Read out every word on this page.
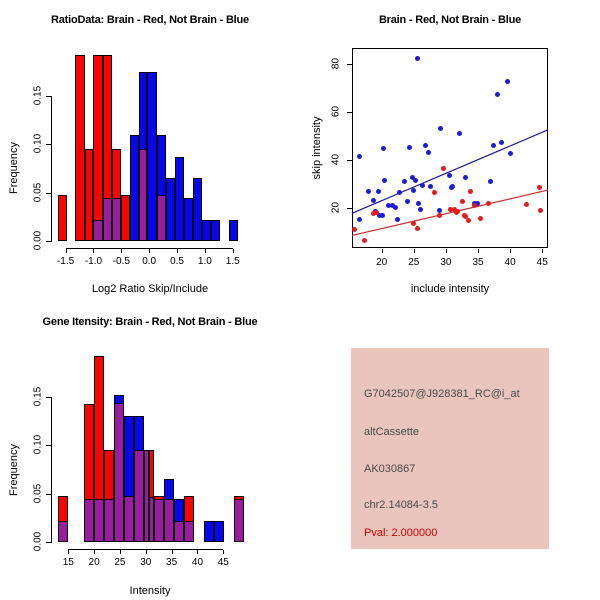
-1.5	-1.0	-0.5	0.0	0.5	1.0	1.5
0.00
0.05
0.10
0.15
RatioData: Brain - Red, Not Brain - Blue
Log2 Ratio Skip/Include
Frequency
20	25	30	35	40	45
20
40
60
80
Brain - Red, Not Brain - Blue
include intensity
skip intensity
15	20	25	30	35	40	45
0.00
0.05
0.10
0.15
Gene Itensity: Brain - Red, Not Brain - Blue
Intensity
Frequency
G7042507@J928381_RC@i_at
altCassette
AK030867
chr2.14084-3.5
Pval: 2.000000
